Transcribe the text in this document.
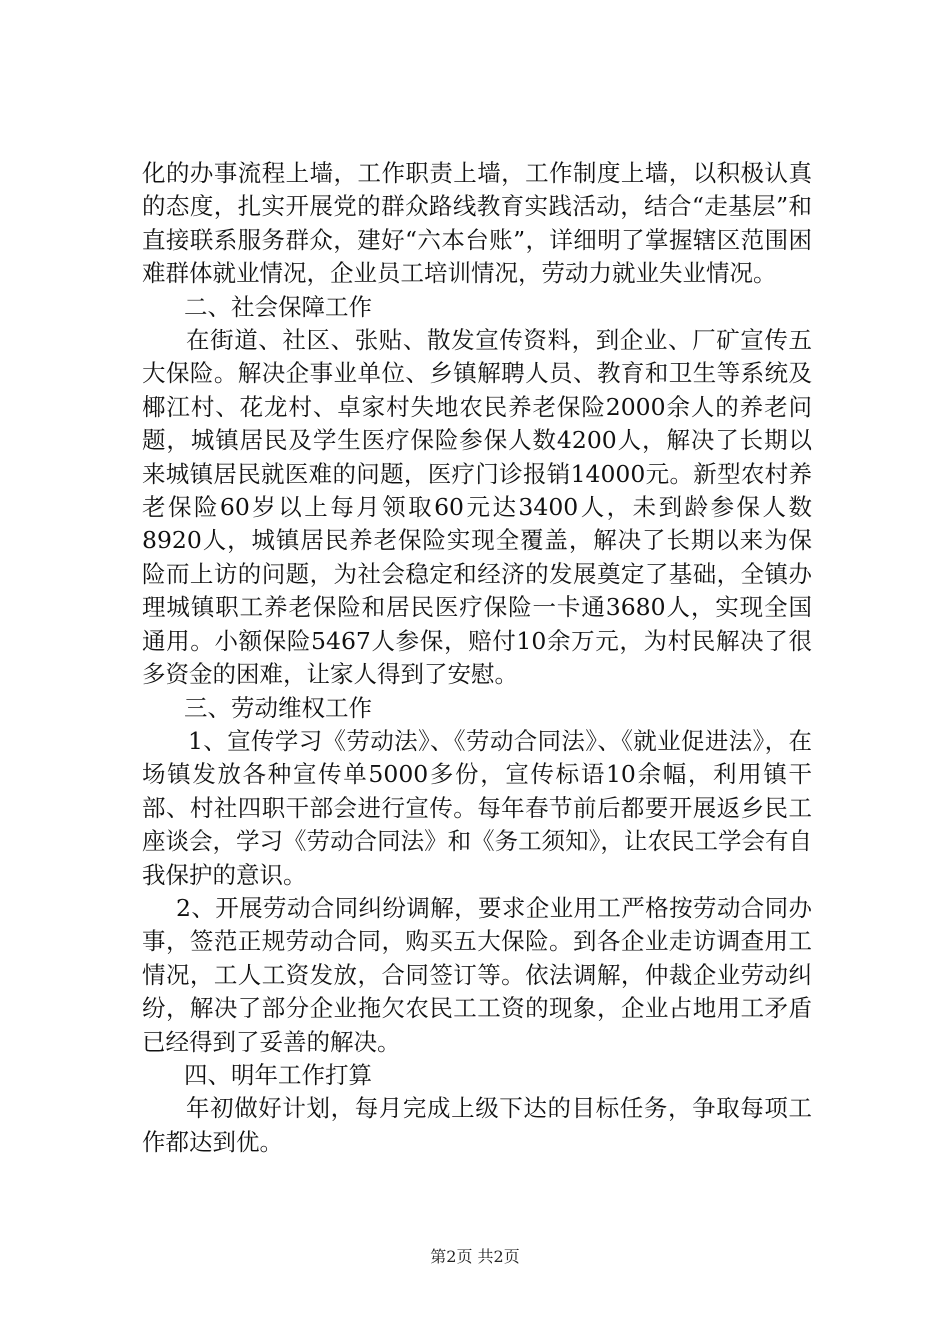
化的办事流程上墙，工作职责上墙，工作制度上墙，以积极认真的态度，扎实开展党的群众路线教育实践活动，结合“走基层”和直接联系服务群众，建好“六本台账”，详细明了掌握辖区范围困难群体就业情况，企业员工培训情况，劳动力就业失业情况。

二、社会保障工作

在街道、社区、张贴、散发宣传资料，到企业、厂矿宣传五大保险。解决企事业单位、乡镇解聘人员、教育和卫生等系统及椰江村、花龙村、卓家村失地农民养老保险2000余人的养老问题，城镇居民及学生医疗保险参保人数4200人，解决了长期以来城镇居民就医难的问题，医疗门诊报销14000元。新型农村养老保险60岁以上每月领取60元达3400人，未到龄参保人数8920人，城镇居民养老保险实现全覆盖，解决了长期以来为保险而上访的问题，为社会稳定和经济的发展奠定了基础，全镇办理城镇职工养老保险和居民医疗保险一卡通3680人，实现全国通用。小额保险5467人参保，赔付10余万元，为村民解决了很多资金的困难，让家人得到了安慰。

三、劳动维权工作

1、宣传学习《劳动法》、《劳动合同法》、《就业促进法》，在场镇发放各种宣传单5000多份，宣传标语10余幅，利用镇干部、村社四职干部会进行宣传。每年春节前后都要开展返乡民工座谈会，学习《劳动合同法》和《务工须知》，让农民工学会有自我保护的意识。

2、开展劳动合同纠纷调解，要求企业用工严格按劳动合同办事，签范正规劳动合同，购买五大保险。到各企业走访调查用工情况，工人工资发放，合同签订等。依法调解，仲裁企业劳动纠纷，解决了部分企业拖欠农民工工资的现象，企业占地用工矛盾已经得到了妥善的解决。

四、明年工作打算

年初做好计划，每月完成上级下达的目标任务，争取每项工作都达到优。

第2页 共2页
